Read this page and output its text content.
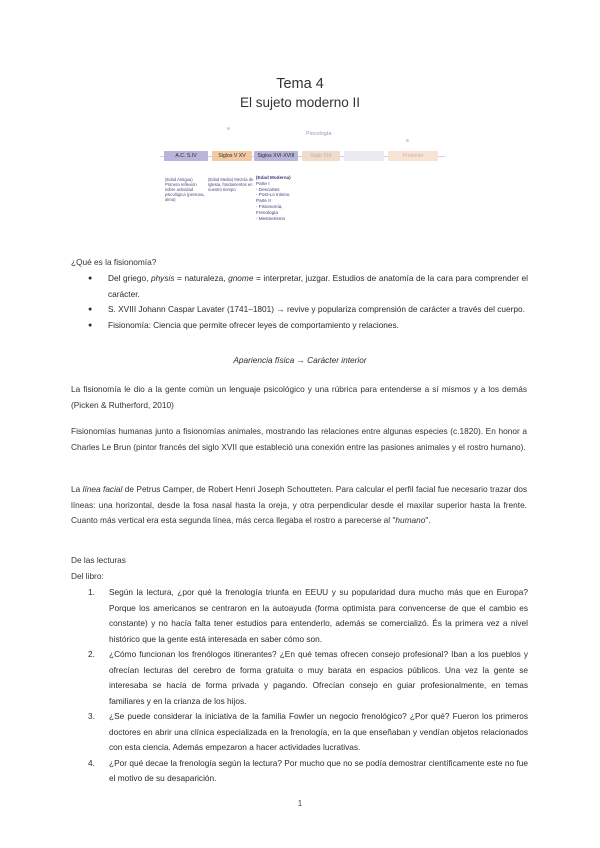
Tema 4
El sujeto moderno II
Psicología
A.C. S.IV	Siglos V XV	Siglos XVI-XVIII	Siglo XIX	Presente
(Edad Antigua) Primera reflexión sobre actividad psicológica (persona, alma)
(Edad Media) Mezcla de Iglesia, fondamentos en nuestro tiempo
(Edad Moderna)
Parte I
- Descartes
- Post-Lo mismo
Parte II
- Fisionomía,
Frenología
- Mesmerismo
¿Qué es la fisionomía?
● Del griego, physis = naturaleza, gnome = interpretar, juzgar. Estudios de anatomía de la cara para comprender el carácter.
● S. XVIII Johann Caspar Lavater (1741–1801) → revive y populariza comprensión de carácter a través del cuerpo.
● Fisionomía: Ciencia que permite ofrecer leyes de comportamiento y relaciones.
Apariencia física → Carácter interior
La fisionomía le dio a la gente común un lenguaje psicológico y una rúbrica para entenderse a sí mismos y a los demás (Picken & Rutherford, 2010)
Fisionomías humanas junto a fisionomías animales, mostrando las relaciones entre algunas especies (c.1820). En honor a Charles Le Brun (pintor francés del siglo XVII que estableció una conexión entre las pasiones animales y el rostro humano).
La línea facial de Petrus Camper, de Robert Henri Joseph Schoutteten. Para calcular el perfil facial fue necesario trazar dos líneas: una horizontal, desde la fosa nasal hasta la oreja, y otra perpendicular desde el maxilar superior hasta la frente. Cuanto más vertical era esta segunda línea, más cerca llegaba el rostro a parecerse al "humano".
De las lecturas
Del libro:
1. Según la lectura, ¿por qué la frenología triunfa en EEUU y su popularidad dura mucho más que en Europa? Porque los americanos se centraron en la autoayuda (forma optimista para convencerse de que el cambio es constante) y no hacía falta tener estudios para entenderlo, además se comercializó. És la primera vez a nivel histórico que la gente está interesada en saber cómo son.
2. ¿Cómo funcionan los frenólogos itinerantes? ¿En qué temas ofrecen consejo profesional? Iban a los pueblos y ofrecían lecturas del cerebro de forma gratuita o muy barata en espacios públicos. Una vez la gente se interesaba se hacía de forma privada y pagando. Ofrecían consejo en guiar profesionalmente, en temas familiares y en la crianza de los hijos.
3. ¿Se puede considerar la iniciativa de la familia Fowler un negocio frenológico? ¿Por qué? Fueron los primeros doctores en abrir una clínica especializada en la frenología, en la que enseñaban y vendían objetos relacionados con esta ciencia. Además empezaron a hacer actividades lucrativas.
4. ¿Por qué decae la frenología según la lectura? Por mucho que no se podía demostrar científicamente este no fue el motivo de su desaparición.
1
